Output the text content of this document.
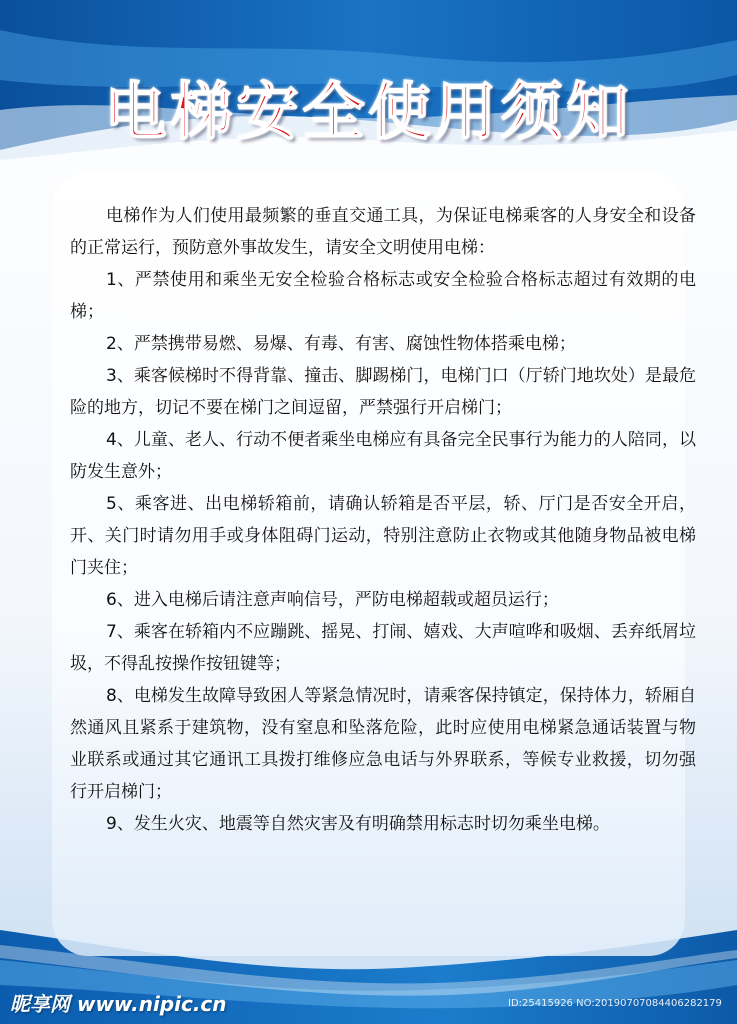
电梯安全使用须知

电梯作为人们使用最频繁的垂直交通工具，为保证电梯乘客的人身安全和设备的正常运行，预防意外事故发生，请安全文明使用电梯：

1、严禁使用和乘坐无安全检验合格标志或安全检验合格标志超过有效期的电梯；

2、严禁携带易燃、易爆、有毒、有害、腐蚀性物体搭乘电梯；

3、乘客候梯时不得背靠、撞击、脚踢梯门，电梯门口（厅轿门地坎处）是最危险的地方，切记不要在梯门之间逗留，严禁强行开启梯门；

4、儿童、老人、行动不便者乘坐电梯应有具备完全民事行为能力的人陪同，以防发生意外；

5、乘客进、出电梯轿箱前，请确认轿箱是否平层，轿、厅门是否安全开启，开、关门时请勿用手或身体阻碍门运动，特别注意防止衣物或其他随身物品被电梯门夹住；

6、进入电梯后请注意声响信号，严防电梯超载或超员运行；

7、乘客在轿箱内不应蹦跳、摇晃、打闹、嬉戏、大声喧哗和吸烟、丢弃纸屑垃圾，不得乱按操作按钮键等；

8、电梯发生故障导致困人等紧急情况时，请乘客保持镇定，保持体力，轿厢自然通风且紧系于建筑物，没有窒息和坠落危险，此时应使用电梯紧急通话装置与物业联系或通过其它通讯工具拨打维修应急电话与外界联系，等候专业救援，切勿强行开启梯门；

9、发生火灾、地震等自然灾害及有明确禁用标志时切勿乘坐电梯。

昵享网 www.nipic.cn	ID:25415926 NO:20190707084406282179
